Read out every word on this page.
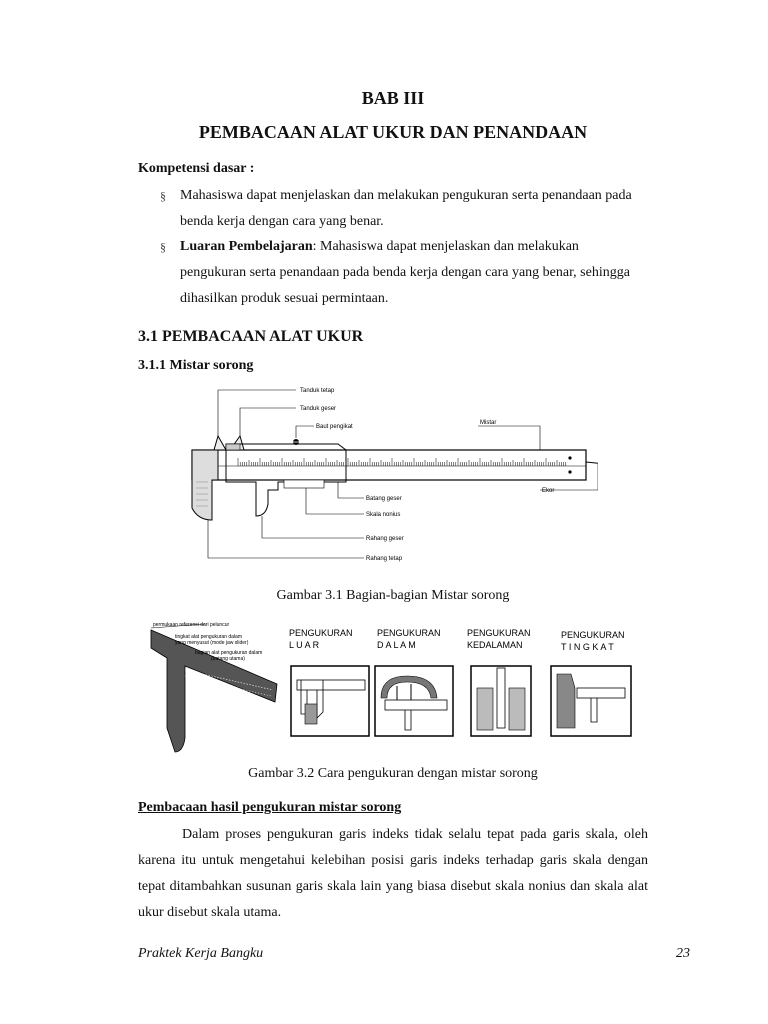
BAB III
PEMBACAAN ALAT UKUR DAN PENANDAAN
Kompetensi dasar :
§ Mahasiswa dapat menjelaskan dan melakukan pengukuran serta penandaan pada
benda kerja dengan cara yang benar.
§ Luaran Pembelajaran: Mahasiswa dapat menjelaskan dan melakukan
pengukuran serta penandaan pada benda kerja dengan cara yang benar, sehingga
dihasilkan produk sesuai permintaan.
3.1 PEMBACAAN ALAT UKUR
3.1.1 Mistar sorong
Tanduk tetap
Tanduk geser
Baut pengikat
Mistar
Ekor
Batang geser
Skala nonius
Rahang geser
Rahang tetap
Gambar 3.1 Bagian-bagian Mistar sorong
permukaan referensi dari peluncur
tingkat alat pengukuran dalam
yang menyusut (mode jaw slider)
bagian alat pengukuran dalam
(batang utama)
PENGUKURAN
L U A R
PENGUKURAN
D A L A M
PENGUKURAN
KEDALAMAN
PENGUKURAN
T I N G K A T
Gambar 3.2 Cara pengukuran dengan mistar sorong
Pembacaan hasil pengukuran mistar sorong
Dalam proses pengukuran garis indeks tidak selalu tepat pada garis skala, oleh karena itu untuk mengetahui kelebihan posisi garis indeks terhadap garis skala dengan tepat ditambahkan susunan garis skala lain yang biasa disebut skala nonius dan skala alat ukur disebut skala utama.
Praktek Kerja Bangku	23
